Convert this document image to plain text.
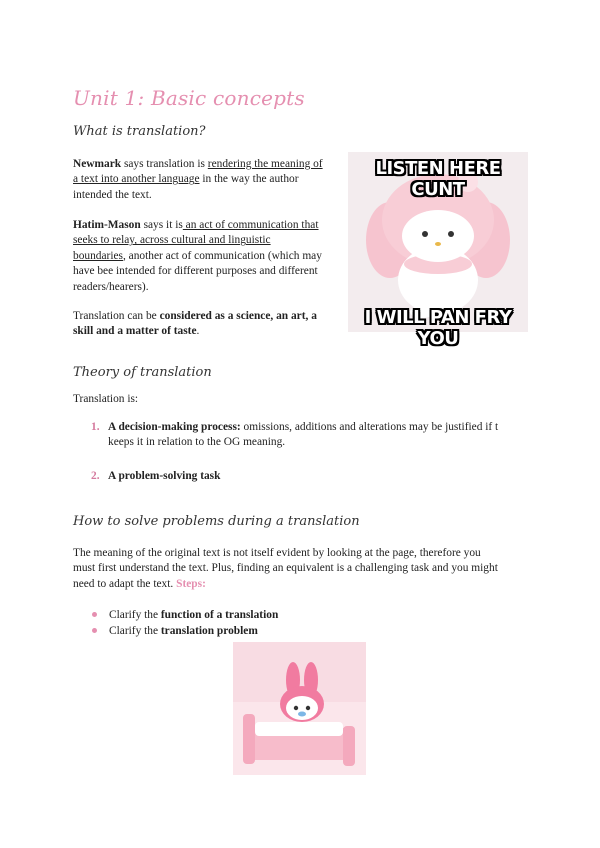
Unit 1: Basic concepts
What is translation?
Newmark says translation is rendering the meaning of
a text into another language in the way the author
intended the text.
Hatim-Mason says it is an act of communication that
seeks to relay, across cultural and linguistic
boundaries, another act of communication (which may
have bee intended for different purposes and different
readers/hearers).
Translation can be considered as a science, an art, a
skill and a matter of taste.
LISTEN HERE CUNT
I WILL PAN FRY YOU
Theory of translation
Translation is:
1. A decision-making process: omissions, additions and alterations may be justified if t
keeps it in relation to the OG meaning.
2. A problem-solving task
How to solve problems during a translation
The meaning of the original text is not itself evident by looking at the page, therefore you
must first understand the text. Plus, finding an equivalent is a challenging task and you might
need to adapt the text. Steps:
Clarify the function of a translation
Clarify the translation problem
